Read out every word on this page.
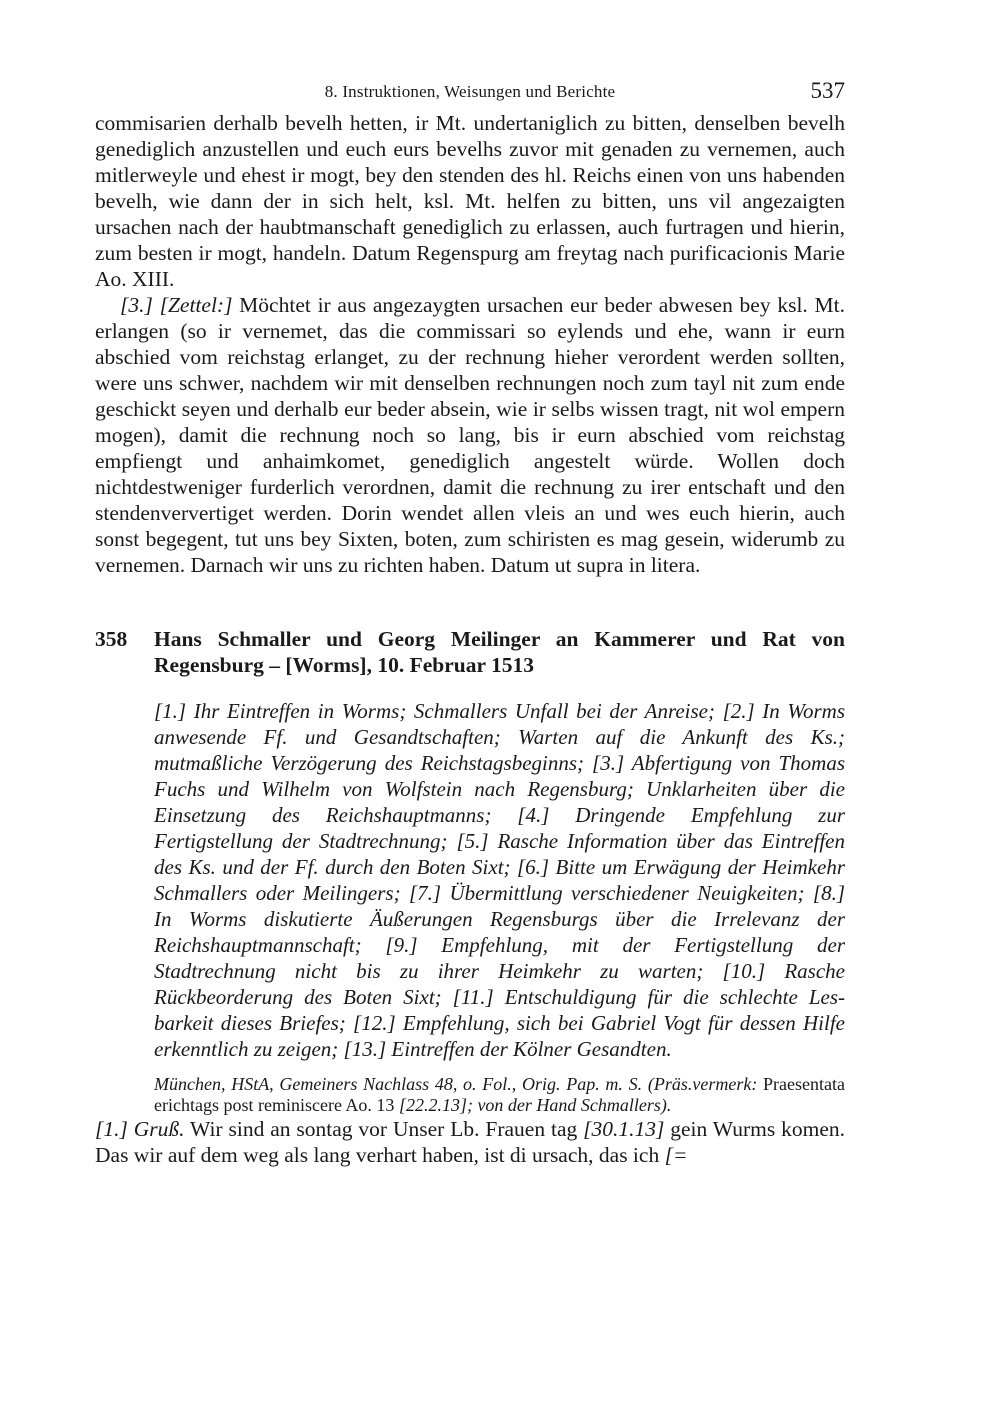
8. Instruktionen, Weisungen und Berichte	537

commisarien derhalb bevelh hetten, ir Mt. undertaniglich zu bitten, denselben bevelh genediglich anzustellen und euch eurs bevelhs zuvor mit genaden zu vernemen, auch mitlerweyle und ehest ir mogt, bey den stenden des hl. Reichs einen von uns habenden bevelh, wie dann der in sich helt, ksl. Mt. helfen zu bitten, uns vil angezaigten ursachen nach der haubtmanschaft genediglich zu erlassen, auch furtragen und hierin, zum besten ir mogt, handeln. Datum Regenspurg am freytag nach purificacionis Marie Ao. XIII.

[3.] [Zettel:] Möchtet ir aus angezaygten ursachen eur beder abwesen bey ksl. Mt. erlangen (so ir vernemet, das die commissari so eylends und ehe, wann ir eurn abschied vom reichstag erlanget, zu der rechnung hieher verordent werden sollten, were uns schwer, nachdem wir mit denselben rechnungen noch zum tayl nit zum ende geschickt seyen und derhalb eur beder absein, wie ir selbs wissen tragt, nit wol empern mogen), damit die rechnung noch so lang, bis ir eurn abschied vom reichstag empfiengt und anhaimkomet, genediglich angestelt würde. Wollen doch nichtdestweniger furderlich verordnen, damit die rechnung zu irer entschaft und den stendenververtiget werden. Dorin wendet allen vleis an und wes euch hierin, auch sonst begegent, tut uns bey Sixten, boten, zum schiristen es mag gesein, widerumb zu vernemen. Darnach wir uns zu richten haben. Datum ut supra in litera.

358	Hans Schmaller und Georg Meilinger an Kammerer und Rat von Regensburg – [Worms], 10. Februar 1513
[1.] Ihr Eintreffen in Worms; Schmallers Unfall bei der Anreise; [2.] In Worms anwesende Ff. und Gesandtschaften; Warten auf die Ankunft des Ks.; mutmaßliche Verzögerung des Reichstagsbeginns; [3.] Abfertigung von Thomas Fuchs und Wilhelm von Wolfstein nach Regensburg; Unklarheiten über die Einsetzung des Reichshauptmanns; [4.] Dringende Empfehlung zur Fertigstellung der Stadtrechnung; [5.] Rasche Information über das Eintreffen des Ks. und der Ff. durch den Boten Sixt; [6.] Bitte um Erwägung der Heimkehr Schmallers oder Meilingers; [7.] Übermittlung verschiedener Neuigkeiten; [8.] In Worms diskutierte Äußerungen Regensburgs über die Irrelevanz der Reichshauptmannschaft; [9.] Empfehlung, mit der Fertigstellung der Stadtrechnung nicht bis zu ihrer Heimkehr zu warten; [10.] Rasche Rückbeorderung des Boten Sixt; [11.] Entschuldigung für die schlechte Lesbarkeit dieses Briefes; [12.] Empfehlung, sich bei Gabriel Vogt für dessen Hilfe erkenntlich zu zeigen; [13.] Eintreffen der Kölner Gesandten.
München, HStA, Gemeiners Nachlass 48, o. Fol., Orig. Pap. m. S. (Präs.vermerk: Praesentata erichtags post reminiscere Ao. 13 [22.2.13]; von der Hand Schmallers).

[1.] Gruß. Wir sind an sontag vor Unser Lb. Frauen tag [30.1.13] gein Wurms komen. Das wir auf dem weg als lang verhart haben, ist di ursach, das ich [=
